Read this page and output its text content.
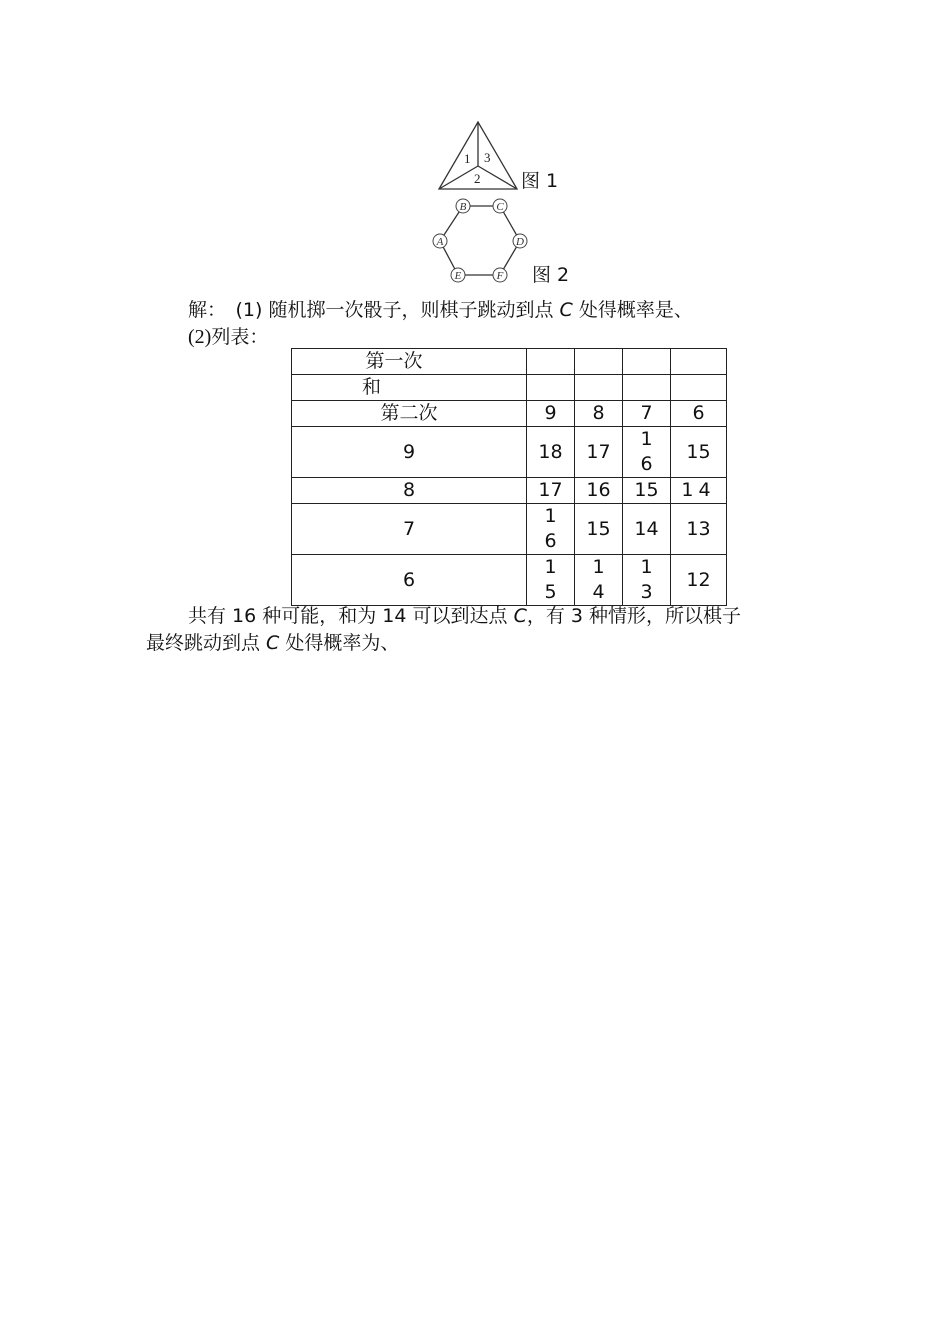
1 3
2 图 1
B	C
A	D
E	F 图 2
解：　(1) 随机掷一次骰子，则棋子跳动到点 C 处得概率是、
(2)列表：
第一次				
和				
第二次	9	8	7	6
9	18	17	16	15
8	17	16	15	14
7	16	15	14	13
6	15	14	13	12
共有 16 种可能，和为 14 可以到达点 C，有 3 种情形，所以棋子
最终跳动到点 C 处得概率为、
